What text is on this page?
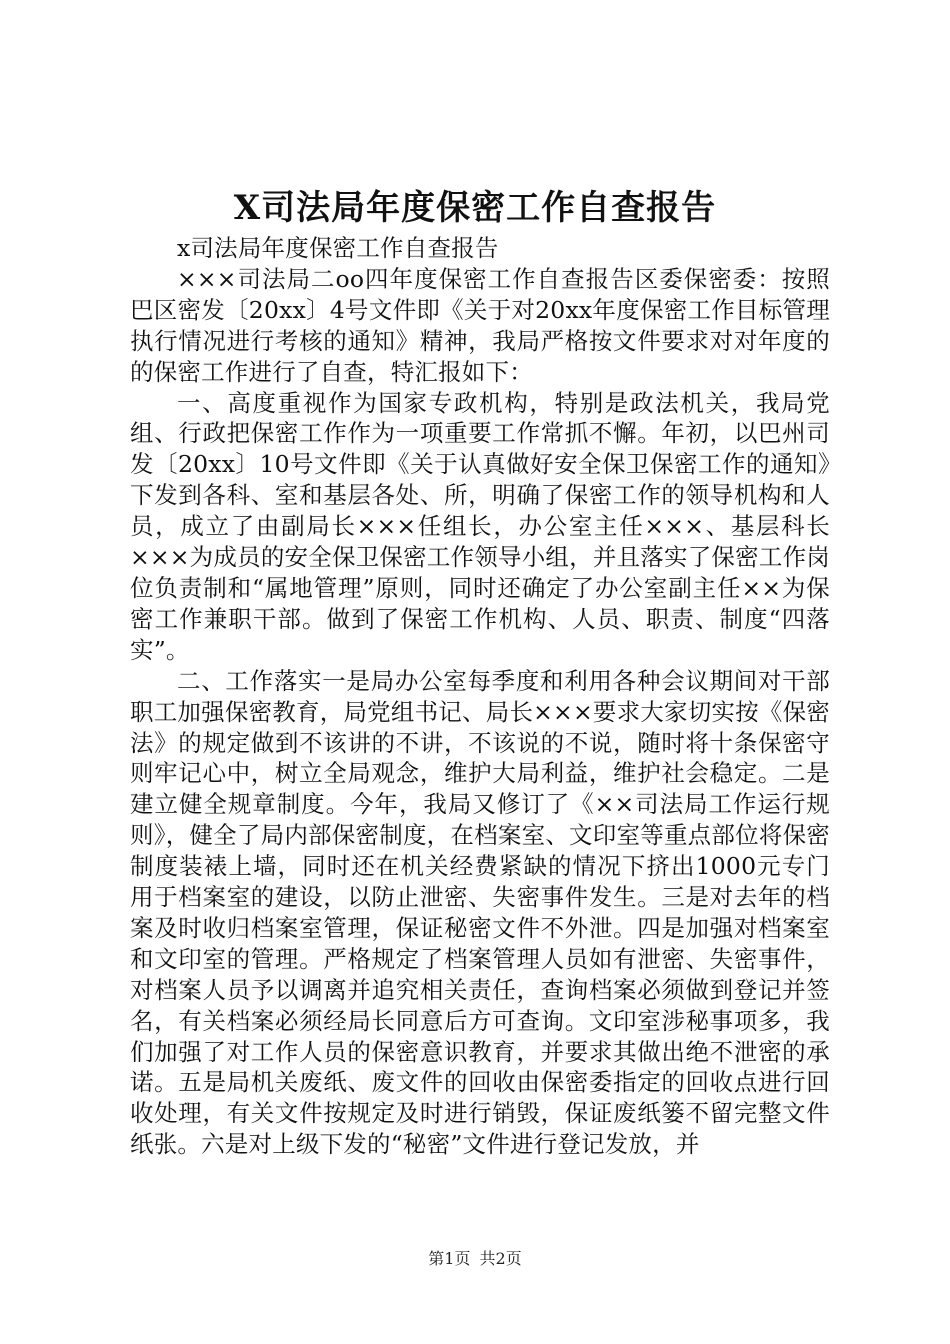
X司法局年度保密工作自查报告

x司法局年度保密工作自查报告

×××司法局二oo四年度保密工作自查报告区委保密委：按照巴区密发〔20xx〕4号文件即《关于对20xx年度保密工作目标管理执行情况进行考核的通知》精神，我局严格按文件要求对对年度的的保密工作进行了自查，特汇报如下：

一、高度重视作为国家专政机构，特别是政法机关，我局党组、行政把保密工作作为一项重要工作常抓不懈。年初，以巴州司发〔20xx〕10号文件即《关于认真做好安全保卫保密工作的通知》下发到各科、室和基层各处、所，明确了保密工作的领导机构和人员，成立了由副局长×××任组长，办公室主任×××、基层科长×××为成员的安全保卫保密工作领导小组，并且落实了保密工作岗位负责制和“属地管理”原则，同时还确定了办公室副主任××为保密工作兼职干部。做到了保密工作机构、人员、职责、制度“四落实”。

二、工作落实一是局办公室每季度和利用各种会议期间对干部职工加强保密教育，局党组书记、局长×××要求大家切实按《保密法》的规定做到不该讲的不讲，不该说的不说，随时将十条保密守则牢记心中，树立全局观念，维护大局利益，维护社会稳定。二是建立健全规章制度。今年，我局又修订了《××司法局工作运行规则》，健全了局内部保密制度，在档案室、文印室等重点部位将保密制度装裱上墙，同时还在机关经费紧缺的情况下挤出1000元专门用于档案室的建设，以防止泄密、失密事件发生。三是对去年的档案及时收归档案室管理，保证秘密文件不外泄。四是加强对档案室和文印室的管理。严格规定了档案管理人员如有泄密、失密事件，对档案人员予以调离并追究相关责任，查询档案必须做到登记并签名，有关档案必须经局长同意后方可查询。文印室涉秘事项多，我们加强了对工作人员的保密意识教育，并要求其做出绝不泄密的承诺。五是局机关废纸、废文件的回收由保密委指定的回收点进行回收处理，有关文件按规定及时进行销毁，保证废纸篓不留完整文件纸张。六是对上级下发的“秘密”文件进行登记发放，并

第1页 共2页
